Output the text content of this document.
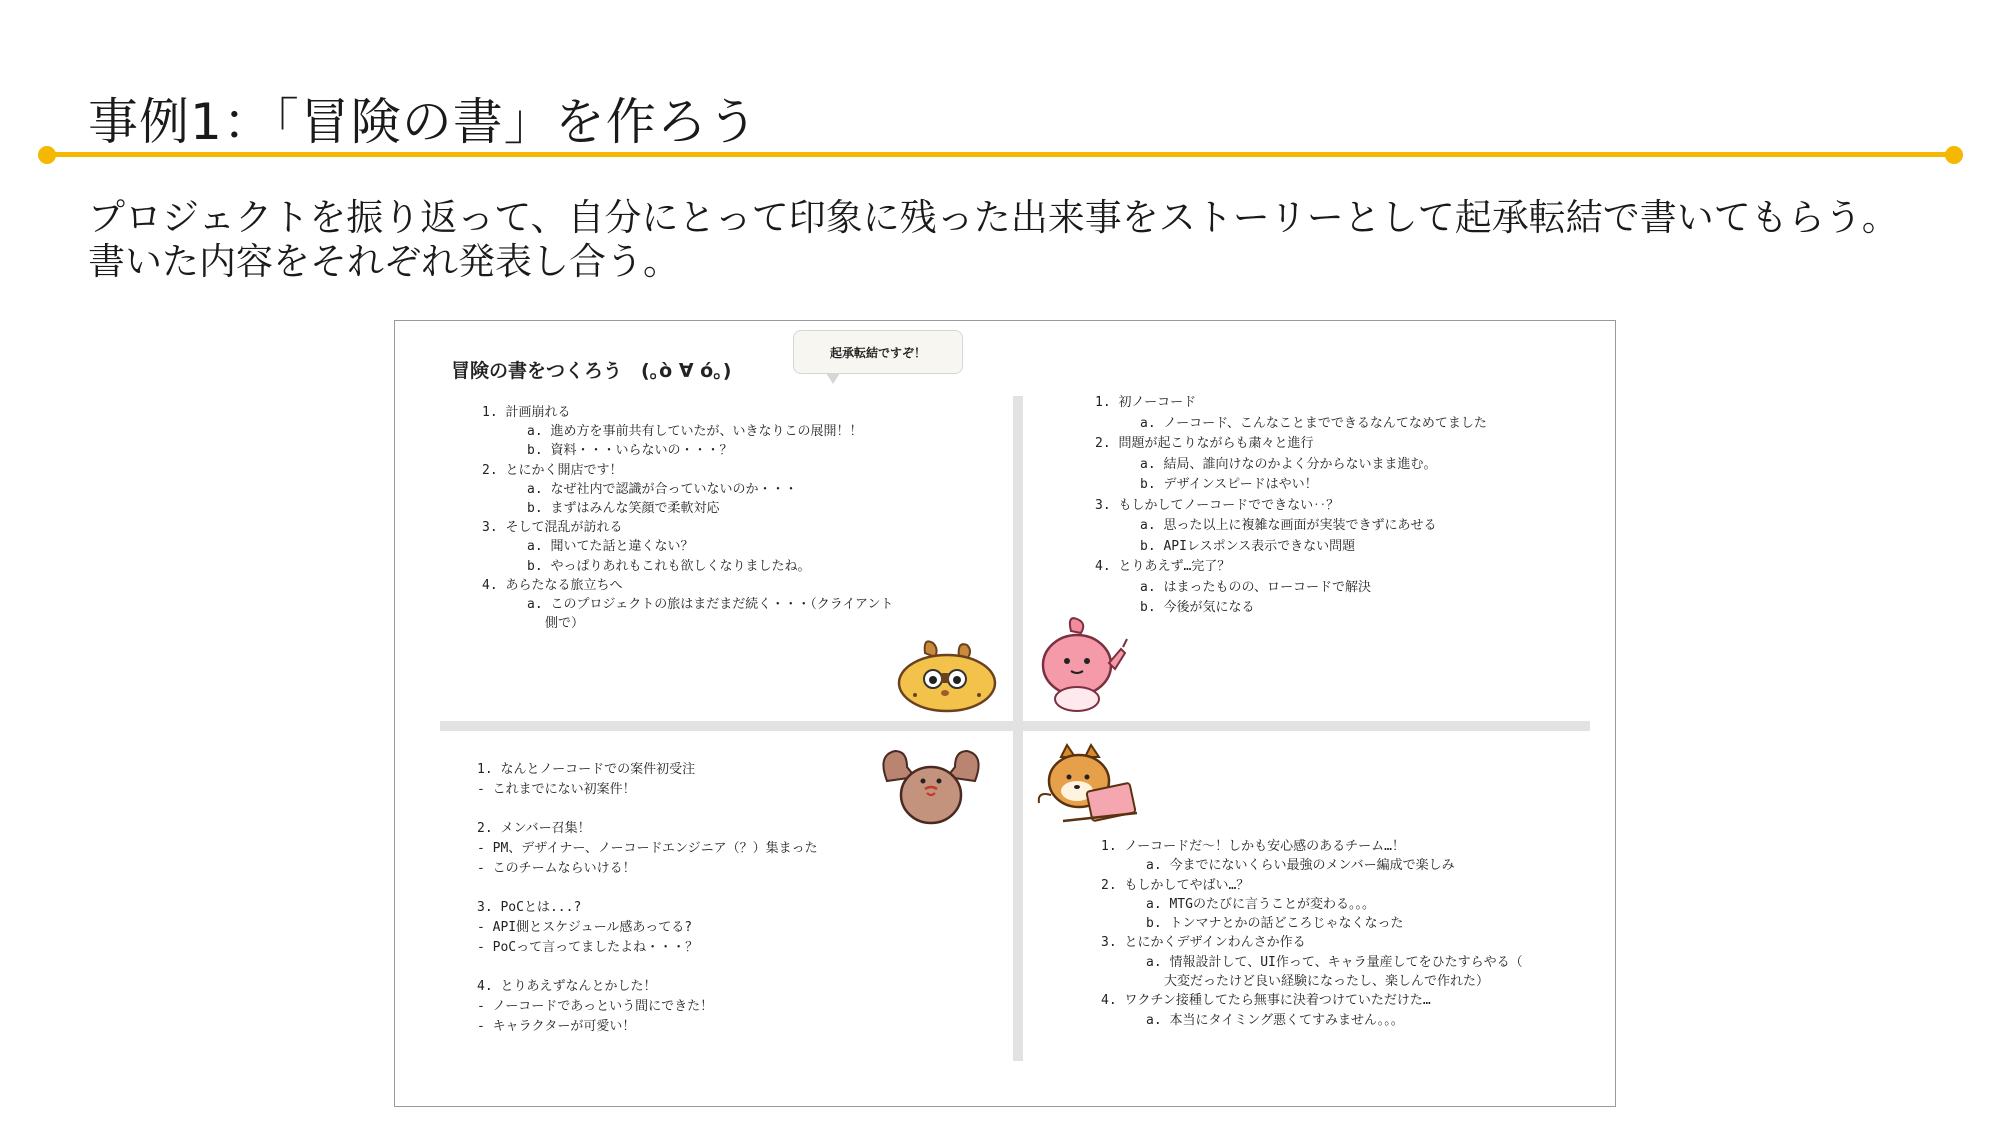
事例1：「冒険の書」を作ろう
プロジェクトを振り返って、自分にとって印象に残った出来事をストーリーとして起承転結で書いてもらう。
書いた内容をそれぞれ発表し合う。
冒険の書をつくろう　(｡ò ∀ ó｡)
起承転結ですぞ！
1. 計画崩れる
a. 進め方を事前共有していたが、いきなりこの展開！！
b. 資料・・・いらないの・・・？
2. とにかく開店です！
a. なぜ社内で認識が合っていないのか・・・
b. まずはみんな笑顔で柔軟対応
3. そして混乱が訪れる
a. 聞いてた話と違くない？
b. やっぱりあれもこれも欲しくなりましたね。
4. あらたなる旅立ちへ
a. このプロジェクトの旅はまだまだ続く・・・（クライアント
側で）
1. 初ノーコード
a. ノーコード、こんなことまでできるなんてなめてました
2. 問題が起こりながらも粛々と進行
a. 結局、誰向けなのかよく分からないまま進む。
b. デザインスピードはやい！
3. もしかしてノーコードでできない‥？
a. 思った以上に複雑な画面が実装できずにあせる
b. APIレスポンス表示できない問題
4. とりあえず…完了？
a. はまったものの、ローコードで解決
b. 今後が気になる
1. なんとノーコードでの案件初受注
- これまでにない初案件！
2. メンバー召集！
- PM、デザイナー、ノーコードエンジニア（？）集まった
- このチームならいける！
3. PoCとは...?
- API側とスケジュール感あってる?
- PoCって言ってましたよね・・・？
4. とりあえずなんとかした！
- ノーコードであっという間にできた！
- キャラクターが可愛い！
1. ノーコードだ～！しかも安心感のあるチーム…！
a. 今までにないくらい最強のメンバー編成で楽しみ
2. もしかしてやばい…？
a. MTGのたびに言うことが変わる。。。
b. トンマナとかの話どころじゃなくなった
3. とにかくデザインわんさか作る
a. 情報設計して、UI作って、キャラ量産してをひたすらやる（
大変だったけど良い経験になったし、楽しんで作れた）
4. ワクチン接種してたら無事に決着つけていただけた…
a. 本当にタイミング悪くてすみません。。。
